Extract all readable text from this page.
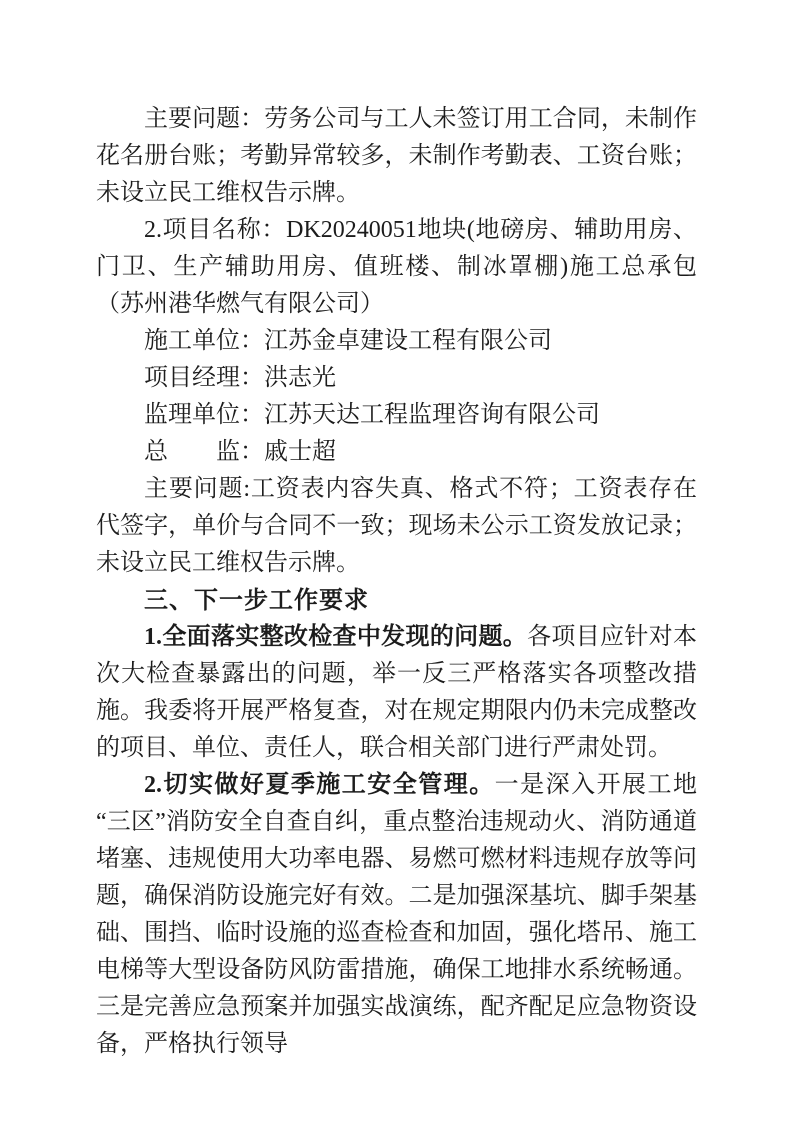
主要问题：劳务公司与工人未签订用工合同，未制作花名册台账；考勤异常较多，未制作考勤表、工资台账；未设立民工维权告示牌。

2.项目名称：DK20240051地块(地磅房、辅助用房、门卫、生产辅助用房、值班楼、制冰罩棚)施工总承包（苏州港华燃气有限公司）

施工单位：江苏金卓建设工程有限公司

项目经理：洪志光

监理单位：江苏天达工程监理咨询有限公司

总　　监：戚士超

主要问题:工资表内容失真、格式不符；工资表存在代签字，单价与合同不一致；现场未公示工资发放记录；未设立民工维权告示牌。

三、下一步工作要求

1.全面落实整改检查中发现的问题。各项目应针对本次大检查暴露出的问题，举一反三严格落实各项整改措施。我委将开展严格复查，对在规定期限内仍未完成整改的项目、单位、责任人，联合相关部门进行严肃处罚。

2.切实做好夏季施工安全管理。一是深入开展工地“三区”消防安全自查自纠，重点整治违规动火、消防通道堵塞、违规使用大功率电器、易燃可燃材料违规存放等问题，确保消防设施完好有效。二是加强深基坑、脚手架基础、围挡、临时设施的巡查检查和加固，强化塔吊、施工电梯等大型设备防风防雷措施，确保工地排水系统畅通。三是完善应急预案并加强实战演练，配齐配足应急物资设备，严格执行领导
